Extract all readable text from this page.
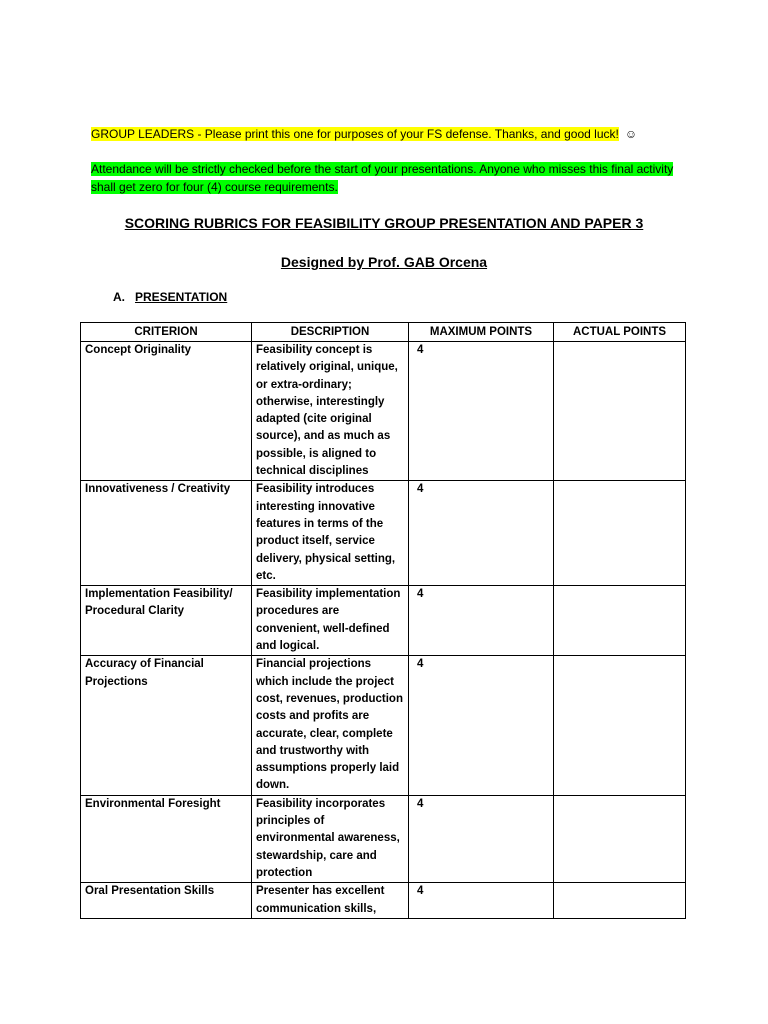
GROUP LEADERS - Please print this one for purposes of your FS defense. Thanks, and good luck! ☺
Attendance will be strictly checked before the start of your presentations. Anyone who misses this final activity shall get zero for four (4) course requirements.
SCORING RUBRICS FOR FEASIBILITY GROUP PRESENTATION AND PAPER 3
Designed by Prof. GAB Orcena
A. PRESENTATION
CRITERION	DESCRIPTION	MAXIMUM POINTS	ACTUAL POINTS
Concept Originality	Feasibility concept is relatively original, unique, or extra-ordinary; otherwise, interestingly adapted (cite original source), and as much as possible, is aligned to technical disciplines	4	
Innovativeness / Creativity	Feasibility introduces interesting innovative features in terms of the product itself, service delivery, physical setting, etc.	4	
Implementation Feasibility/ Procedural Clarity	Feasibility implementation procedures are convenient, well-defined and logical.	4	
Accuracy of Financial Projections	Financial projections which include the project cost, revenues, production costs and profits are accurate, clear, complete and trustworthy with assumptions properly laid down.	4	
Environmental Foresight	Feasibility incorporates principles of environmental awareness, stewardship, care and protection	4	
Oral Presentation Skills	Presenter has excellent communication skills,	4	
